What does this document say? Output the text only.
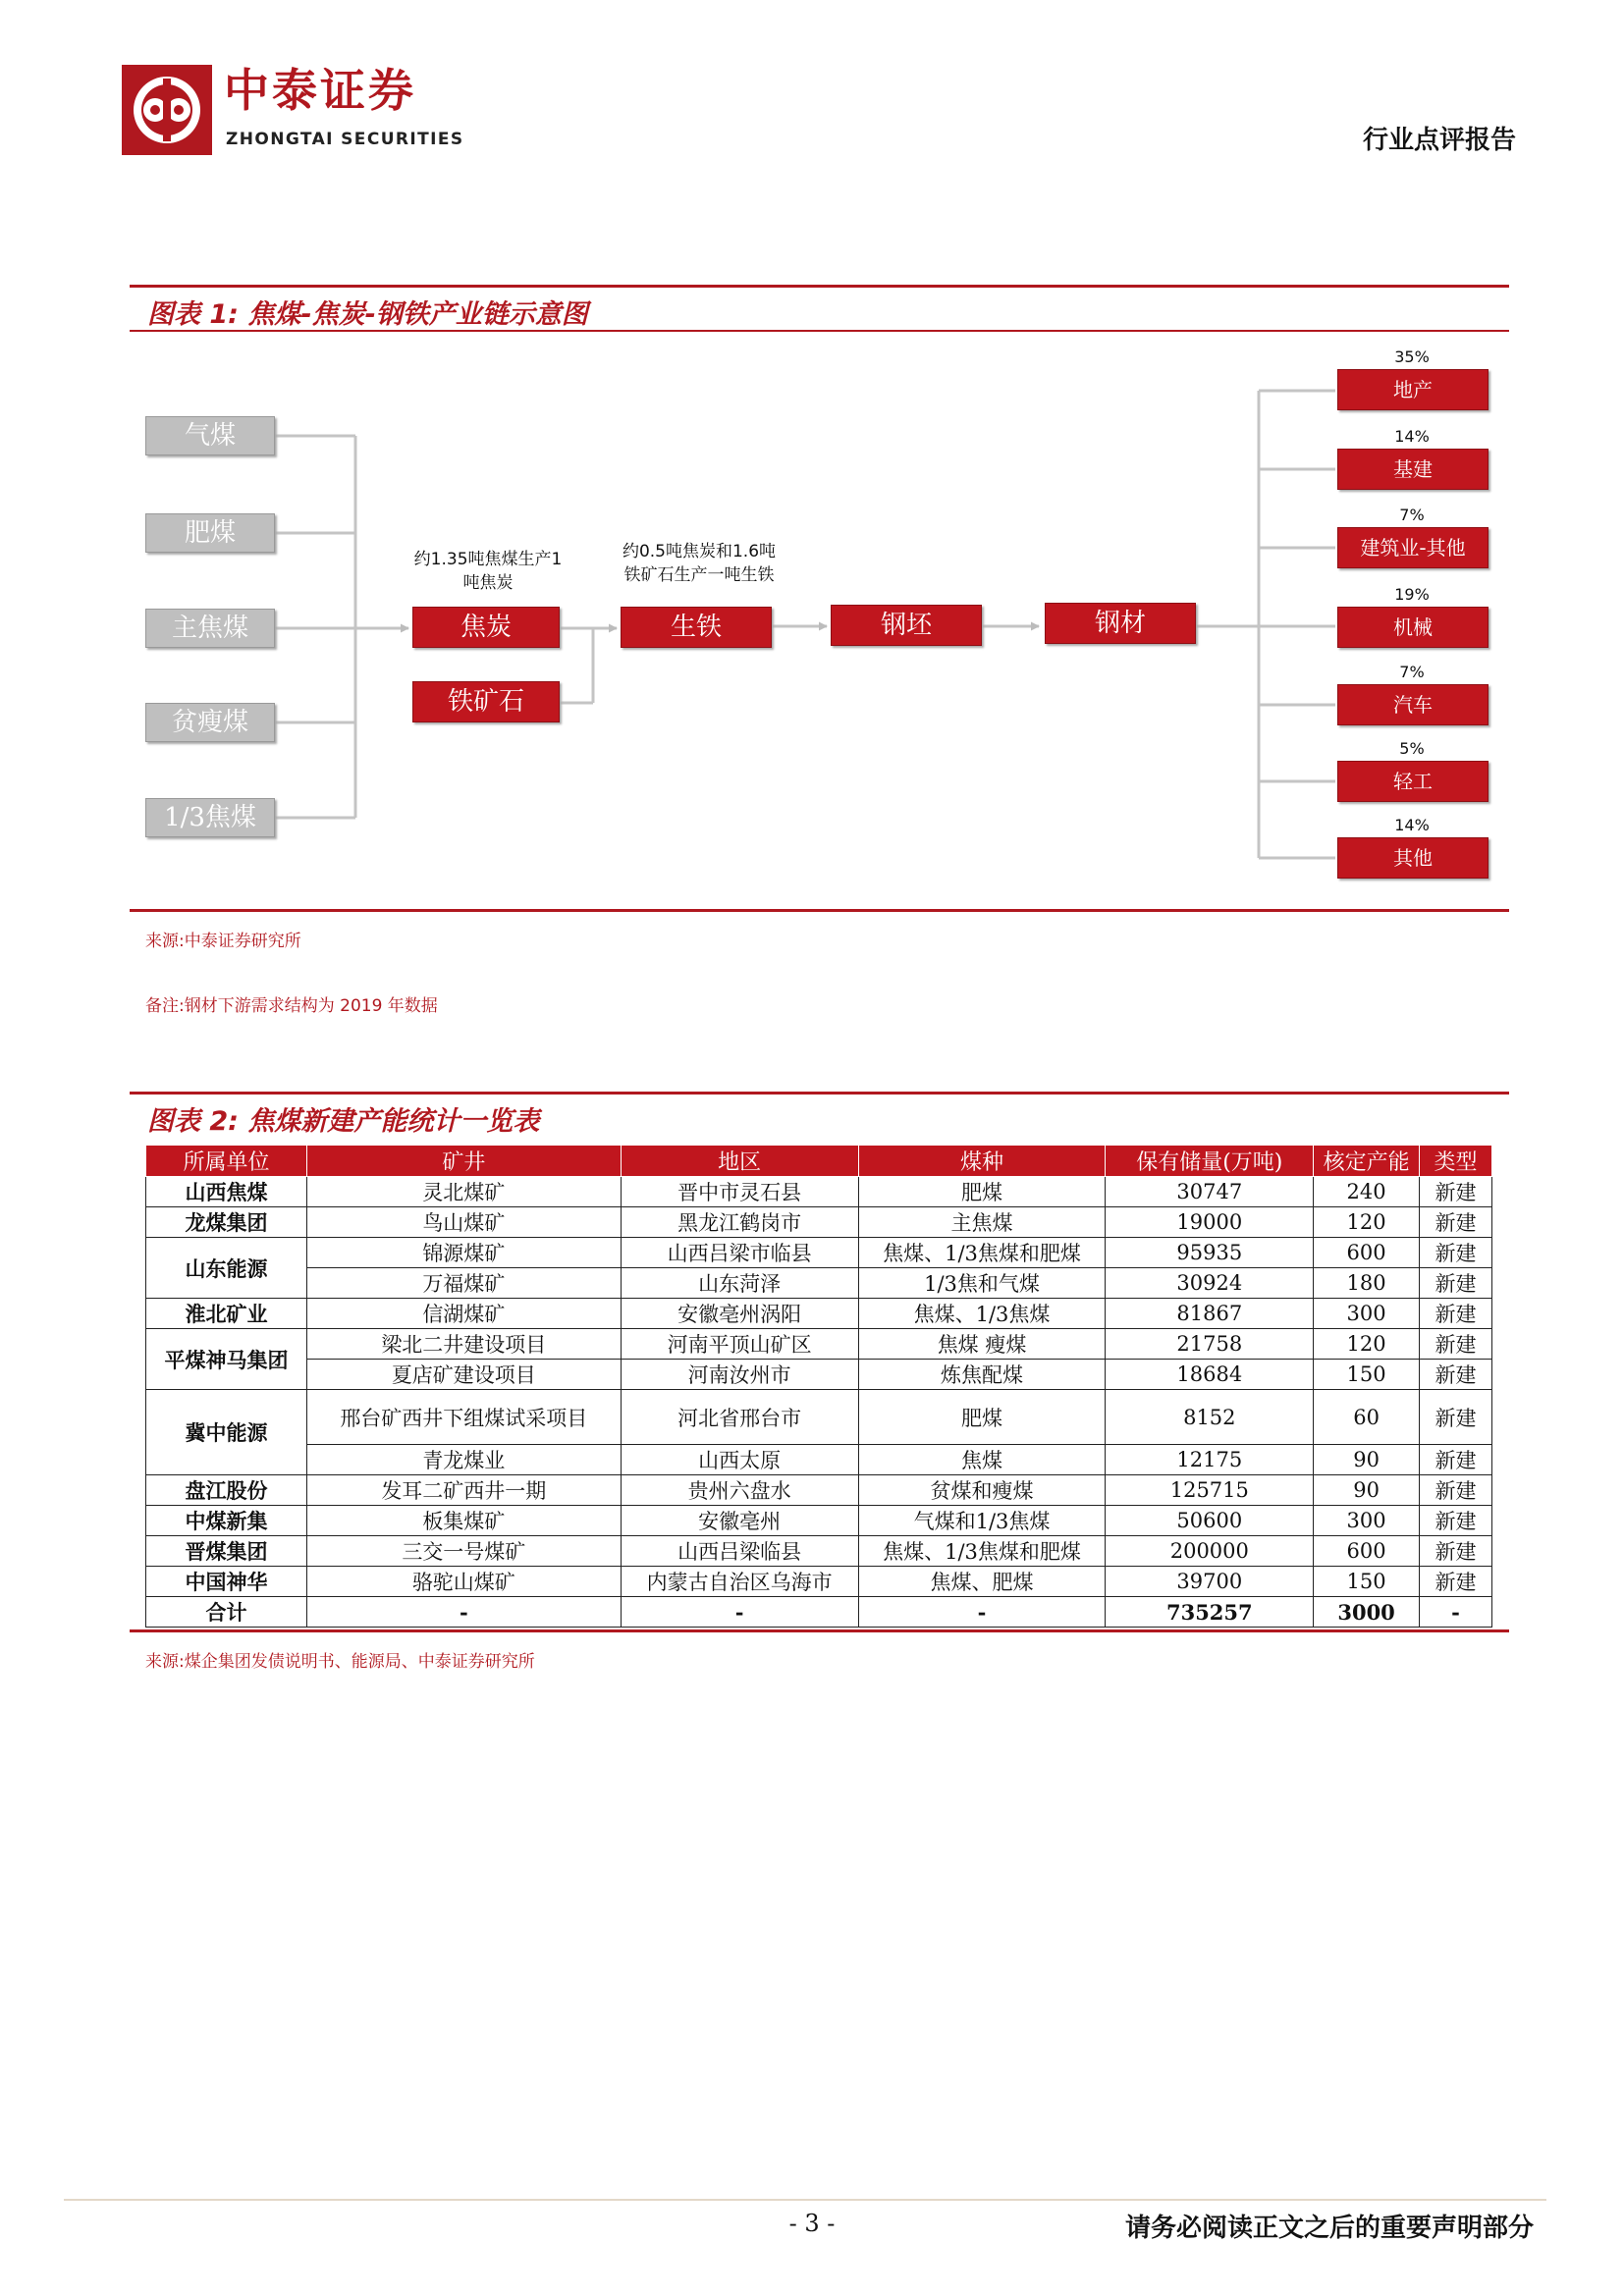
中泰证券
ZHONGTAI SECURITIES	行业点评报告
图表 1: 焦煤-焦炭-钢铁产业链示意图
气煤
肥煤
主焦煤
贫瘦煤
1/3焦煤
约1.35吨焦煤生产1
吨焦炭
约0.5吨焦炭和1.6吨
铁矿石生产一吨生铁
焦炭
铁矿石
生铁	钢坯	钢材
35%
地产
14%
基建
7%
建筑业-其他
19%
机械
7%
汽车
5%
轻工
14%
其他
来源:中泰证券研究所
备注:钢材下游需求结构为 2019 年数据
图表 2: 焦煤新建产能统计一览表
所属单位	矿井	地区	煤种	保有储量(万吨)	核定产能	类型
山西焦煤	灵北煤矿	晋中市灵石县	肥煤	30747	240	新建
龙煤集团	鸟山煤矿	黑龙江鹤岗市	主焦煤	19000	120	新建
山东能源	锦源煤矿	山西吕梁市临县	焦煤、1/3焦煤和肥煤	95935	600	新建
	万福煤矿	山东菏泽	1/3焦和气煤	30924	180	新建
淮北矿业	信湖煤矿	安徽亳州涡阳	焦煤、1/3焦煤	81867	300	新建
平煤神马集团	梁北二井建设项目	河南平顶山矿区	焦煤 瘦煤	21758	120	新建
	夏店矿建设项目	河南汝州市	炼焦配煤	18684	150	新建
冀中能源	邢台矿西井下组煤试采项目	河北省邢台市	肥煤	8152	60	新建
	青龙煤业	山西太原	焦煤	12175	90	新建
盘江股份	发耳二矿西井一期	贵州六盘水	贫煤和瘦煤	125715	90	新建
中煤新集	板集煤矿	安徽亳州	气煤和1/3焦煤	50600	300	新建
晋煤集团	三交一号煤矿	山西吕梁临县	焦煤、1/3焦煤和肥煤	200000	600	新建
中国神华	骆驼山煤矿	内蒙古自治区乌海市	焦煤、肥煤	39700	150	新建
合计	-	-	-	735257	3000	-
来源:煤企集团发债说明书、能源局、中泰证券研究所
- 3 -	请务必阅读正文之后的重要声明部分
